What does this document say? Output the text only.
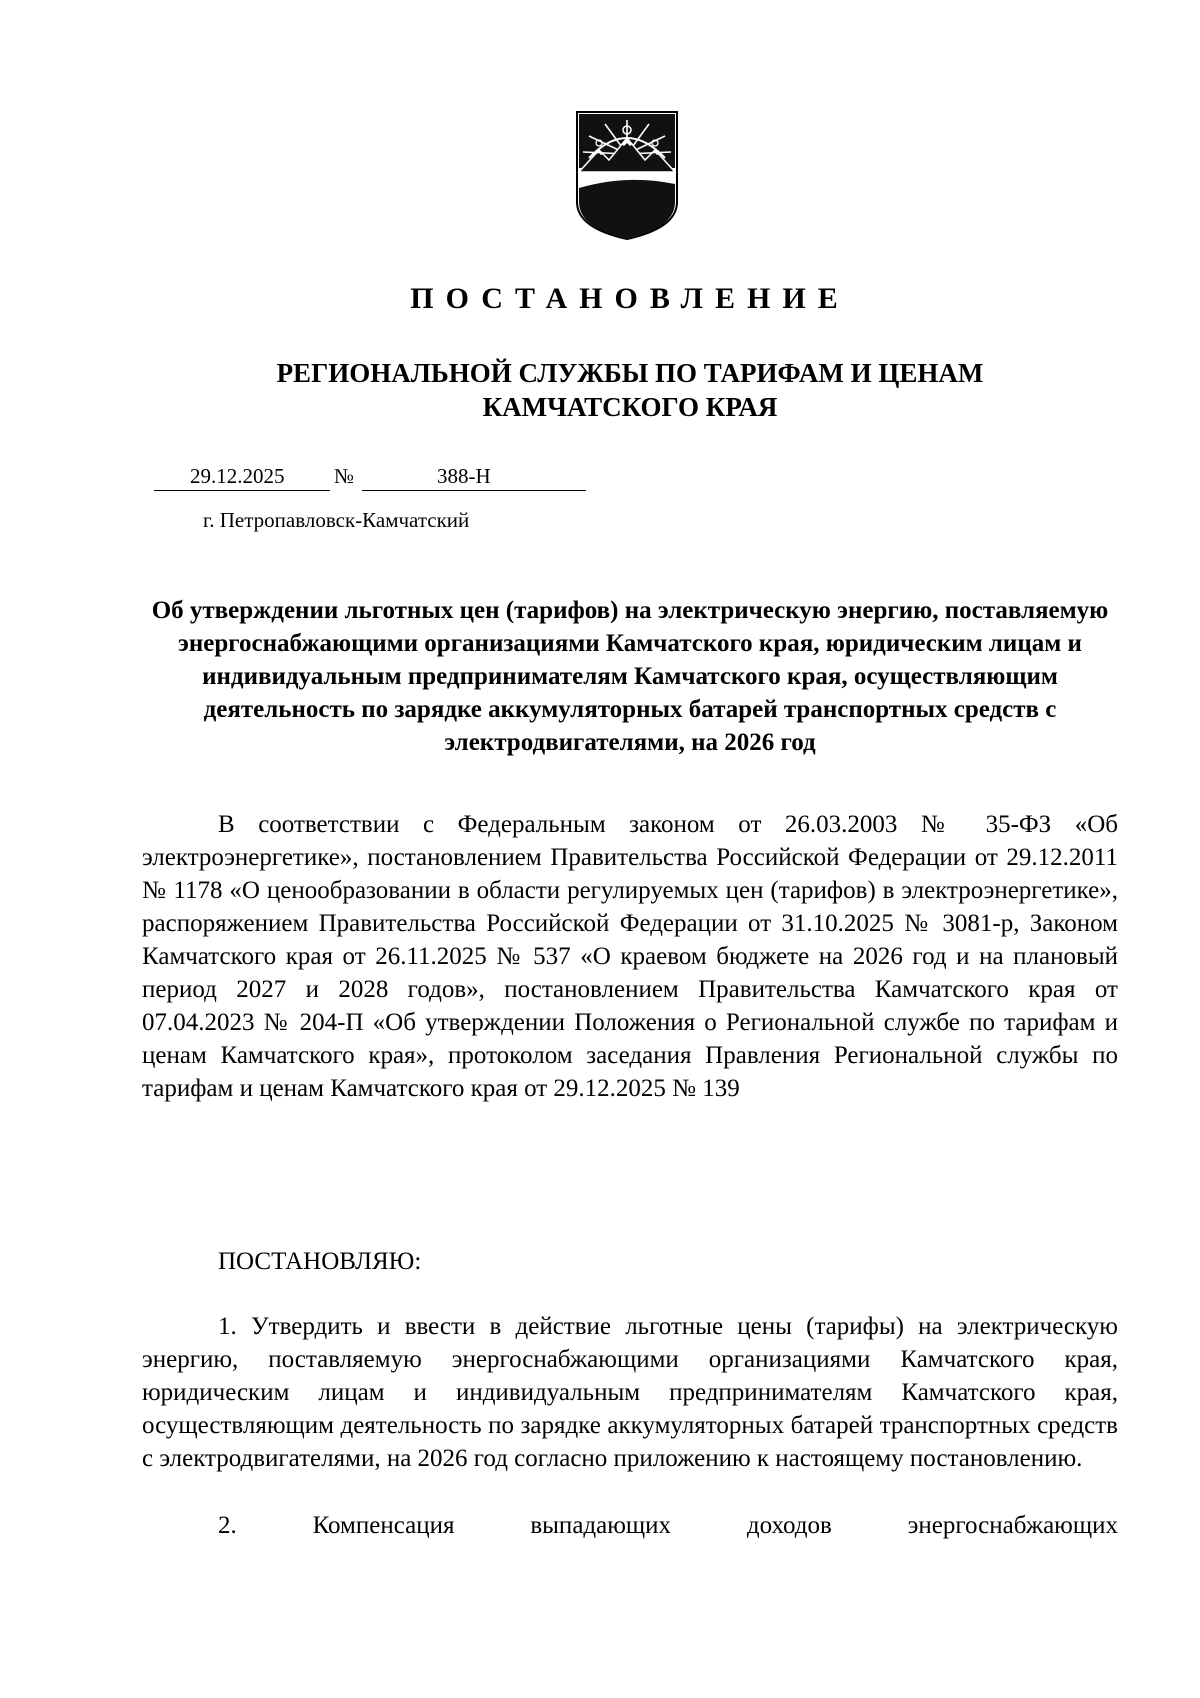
ПОСТАНОВЛЕНИЕ
РЕГИОНАЛЬНОЙ СЛУЖБЫ ПО ТАРИФАМ И ЦЕНАМ
КАМЧАТСКОГО КРАЯ
29.12.2025 №	388-Н
г. Петропавловск-Камчатский
Об утверждении льготных цен (тарифов) на электрическую энергию, поставляемую энергоснабжающими организациями Камчатского края, юридическим лицам и индивидуальным предпринимателям Камчатского края, осуществляющим деятельность по зарядке аккумуляторных батарей транспортных средств с электродвигателями, на 2026 год

В соответствии с Федеральным законом от 26.03.2003 № 35-ФЗ «Об электроэнергетике», постановлением Правительства Российской Федерации от 29.12.2011 № 1178 «О ценообразовании в области регулируемых цен (тарифов) в электроэнергетике», распоряжением Правительства Российской Федерации от 31.10.2025 № 3081-р, Законом Камчатского края от 26.11.2025 № 537 «О краевом бюджете на 2026 год и на плановый период 2027 и 2028 годов», постановлением Правительства Камчатского края от 07.04.2023 № 204-П «Об утверждении Положения о Региональной службе по тарифам и ценам Камчатского края», протоколом заседания Правления Региональной службы по тарифам и ценам Камчатского края от 29.12.2025 № 139

ПОСТАНОВЛЯЮ:

1. Утвердить и ввести в действие льготные цены (тарифы) на электрическую энергию, поставляемую энергоснабжающими организациями Камчатского края, юридическим лицам и индивидуальным предпринимателям Камчатского края, осуществляющим деятельность по зарядке аккумуляторных батарей транспортных средств с электродвигателями, на 2026 год согласно приложению к настоящему постановлению.

2. Компенсация выпадающих доходов энергоснабжающих
